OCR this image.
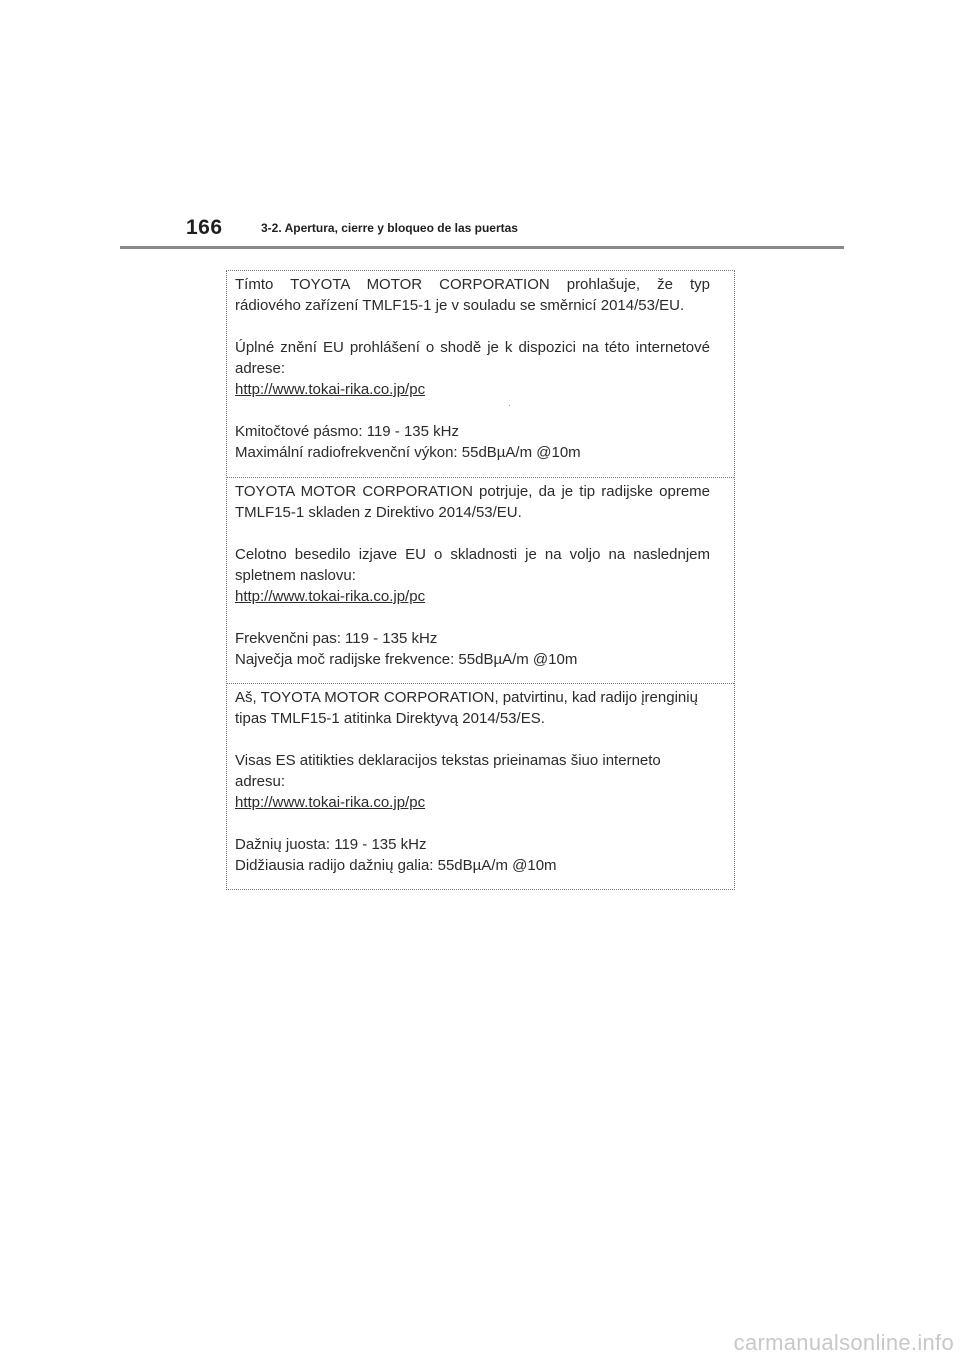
166	3-2. Apertura, cierre y bloqueo de las puertas

Tímto TOYOTA MOTOR CORPORATION prohlašuje, že typ

rádiového zařízení TMLF15-1 je v souladu se směrnicí 2014/53/EU.

Úplné znění EU prohlášení o shodě je k dispozici na této internetové

adrese:

http://www.tokai-rika.co.jp/pc

Kmitočtové pásmo: 119 - 135 kHz

Maximální radiofrekvenční výkon: 55dBµA/m @10m

TOYOTA MOTOR CORPORATION potrjuje, da je tip radijske opreme

TMLF15-1 skladen z Direktivo 2014/53/EU.

Celotno besedilo izjave EU o skladnosti je na voljo na naslednjem

spletnem naslovu:

http://www.tokai-rika.co.jp/pc

Frekvenčni pas: 119 - 135 kHz

Največja moč radijske frekvence: 55dBµA/m @10m

Aš, TOYOTA MOTOR CORPORATION, patvirtinu, kad radijo įrenginių

tipas TMLF15-1 atitinka Direktyvą 2014/53/ES.

Visas ES atitikties deklaracijos tekstas prieinamas šiuo interneto

adresu:

http://www.tokai-rika.co.jp/pc

Dažnių juosta: 119 - 135 kHz

Didžiausia radijo dažnių galia: 55dBµA/m @10m

carmanualsonline.info
